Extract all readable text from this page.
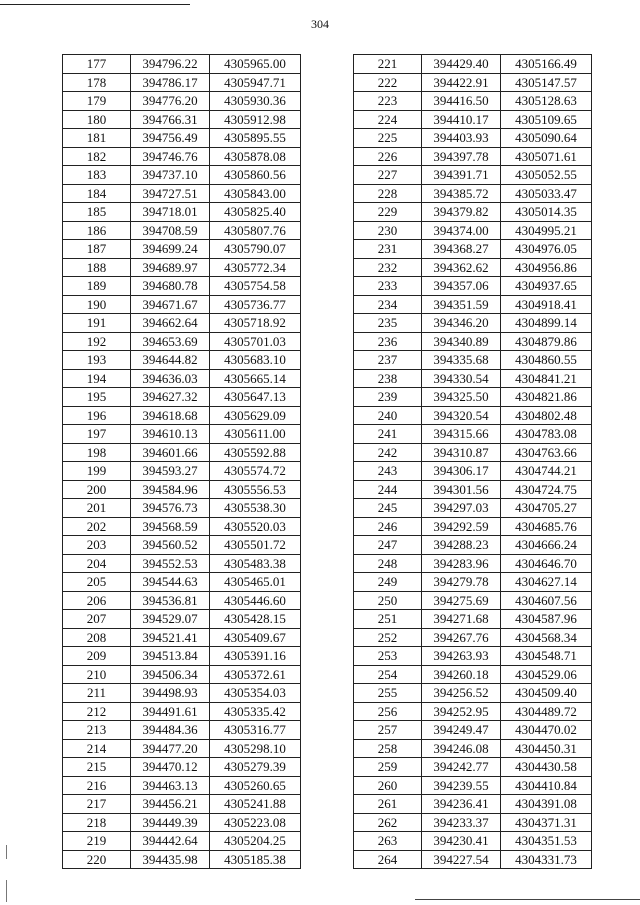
304
177	394796.22	4305965.00
178	394786.17	4305947.71
179	394776.20	4305930.36
180	394766.31	4305912.98
181	394756.49	4305895.55
182	394746.76	4305878.08
183	394737.10	4305860.56
184	394727.51	4305843.00
185	394718.01	4305825.40
186	394708.59	4305807.76
187	394699.24	4305790.07
188	394689.97	4305772.34
189	394680.78	4305754.58
190	394671.67	4305736.77
191	394662.64	4305718.92
192	394653.69	4305701.03
193	394644.82	4305683.10
194	394636.03	4305665.14
195	394627.32	4305647.13
196	394618.68	4305629.09
197	394610.13	4305611.00
198	394601.66	4305592.88
199	394593.27	4305574.72
200	394584.96	4305556.53
201	394576.73	4305538.30
202	394568.59	4305520.03
203	394560.52	4305501.72
204	394552.53	4305483.38
205	394544.63	4305465.01
206	394536.81	4305446.60
207	394529.07	4305428.15
208	394521.41	4305409.67
209	394513.84	4305391.16
210	394506.34	4305372.61
211	394498.93	4305354.03
212	394491.61	4305335.42
213	394484.36	4305316.77
214	394477.20	4305298.10
215	394470.12	4305279.39
216	394463.13	4305260.65
217	394456.21	4305241.88
218	394449.39	4305223.08
219	394442.64	4305204.25
220	394435.98	4305185.38
221	394429.40	4305166.49
222	394422.91	4305147.57
223	394416.50	4305128.63
224	394410.17	4305109.65
225	394403.93	4305090.64
226	394397.78	4305071.61
227	394391.71	4305052.55
228	394385.72	4305033.47
229	394379.82	4305014.35
230	394374.00	4304995.21
231	394368.27	4304976.05
232	394362.62	4304956.86
233	394357.06	4304937.65
234	394351.59	4304918.41
235	394346.20	4304899.14
236	394340.89	4304879.86
237	394335.68	4304860.55
238	394330.54	4304841.21
239	394325.50	4304821.86
240	394320.54	4304802.48
241	394315.66	4304783.08
242	394310.87	4304763.66
243	394306.17	4304744.21
244	394301.56	4304724.75
245	394297.03	4304705.27
246	394292.59	4304685.76
247	394288.23	4304666.24
248	394283.96	4304646.70
249	394279.78	4304627.14
250	394275.69	4304607.56
251	394271.68	4304587.96
252	394267.76	4304568.34
253	394263.93	4304548.71
254	394260.18	4304529.06
255	394256.52	4304509.40
256	394252.95	4304489.72
257	394249.47	4304470.02
258	394246.08	4304450.31
259	394242.77	4304430.58
260	394239.55	4304410.84
261	394236.41	4304391.08
262	394233.37	4304371.31
263	394230.41	4304351.53
264	394227.54	4304331.73
